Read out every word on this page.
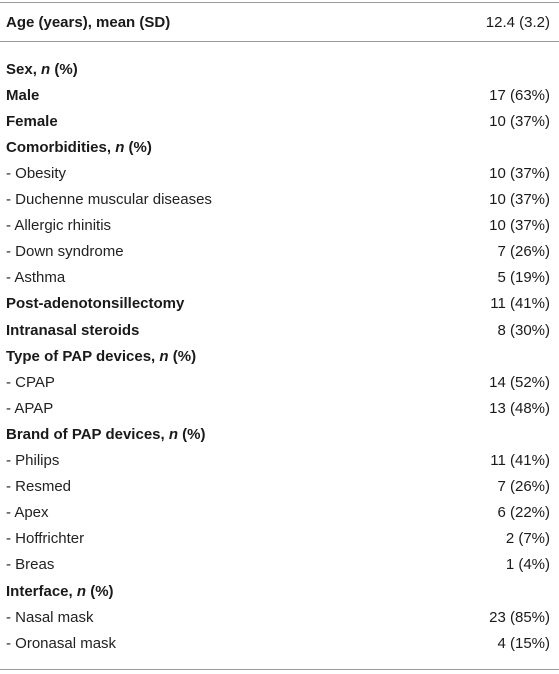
Age (years), mean (SD)	12.4 (3.2)
Sex, n (%)
Male	17 (63%)
Female	10 (37%)
Comorbidities, n (%)
- Obesity	10 (37%)
- Duchenne muscular diseases	10 (37%)
- Allergic rhinitis	10 (37%)
- Down syndrome	7 (26%)
- Asthma	5 (19%)
Post-adenotonsillectomy	11 (41%)
Intranasal steroids	8 (30%)
Type of PAP devices, n (%)
- CPAP	14 (52%)
- APAP	13 (48%)
Brand of PAP devices, n (%)
- Philips	11 (41%)
- Resmed	7 (26%)
- Apex	6 (22%)
- Hoffrichter	2 (7%)
- Breas	1 (4%)
Interface, n (%)
- Nasal mask	23 (85%)
- Oronasal mask	4 (15%)
